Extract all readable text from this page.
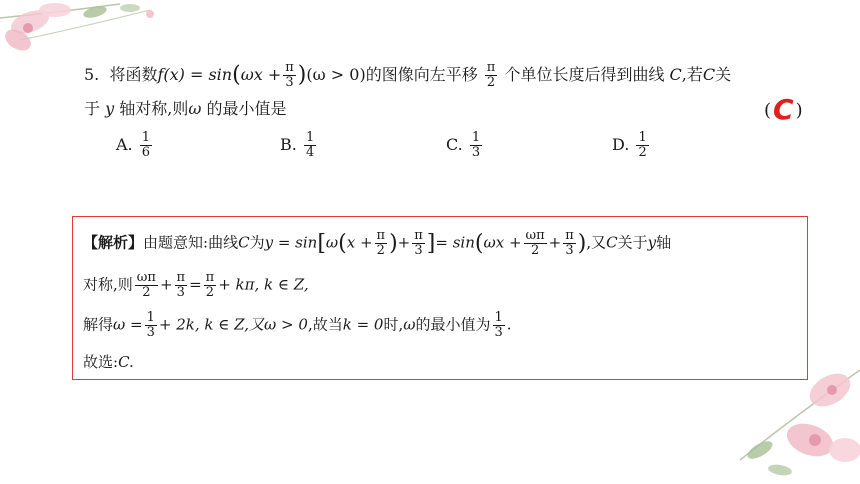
5. 将函数$f(x) = \sin(\omega x + \frac{\pi}{3} )(\omega > 0)$的图像向左平移 $\frac{\pi}{2}$ 个单位长度后得到曲线 C,若C关
于 y 轴对称,则ω 的最小值是	(C )
A. $\frac{1}{6}$	B. $\frac{1}{4}$	C. $\frac{1}{3}$	D. $\frac{1}{2}$
【解析】由题意知:曲线C为$y = \sin[\omega(x + \frac{\pi}{2}$ )+ $\frac{\pi}{3}$ ]= $\sin(\omega x + \frac{\omega\pi}{2} + \frac{\pi}{3}$ ),又C关于y轴
对称,则 $\frac{\omega\pi}{2} + \frac{\pi}{3} = \frac{\pi}{2} + k\pi$, k ∈ Z,
解得$\omega = \frac{1}{3} + 2k$, k ∈ Z,又ω > 0,故当k = 0时,ω的最小值为 $\frac{1}{3}$ .
故选:C.
